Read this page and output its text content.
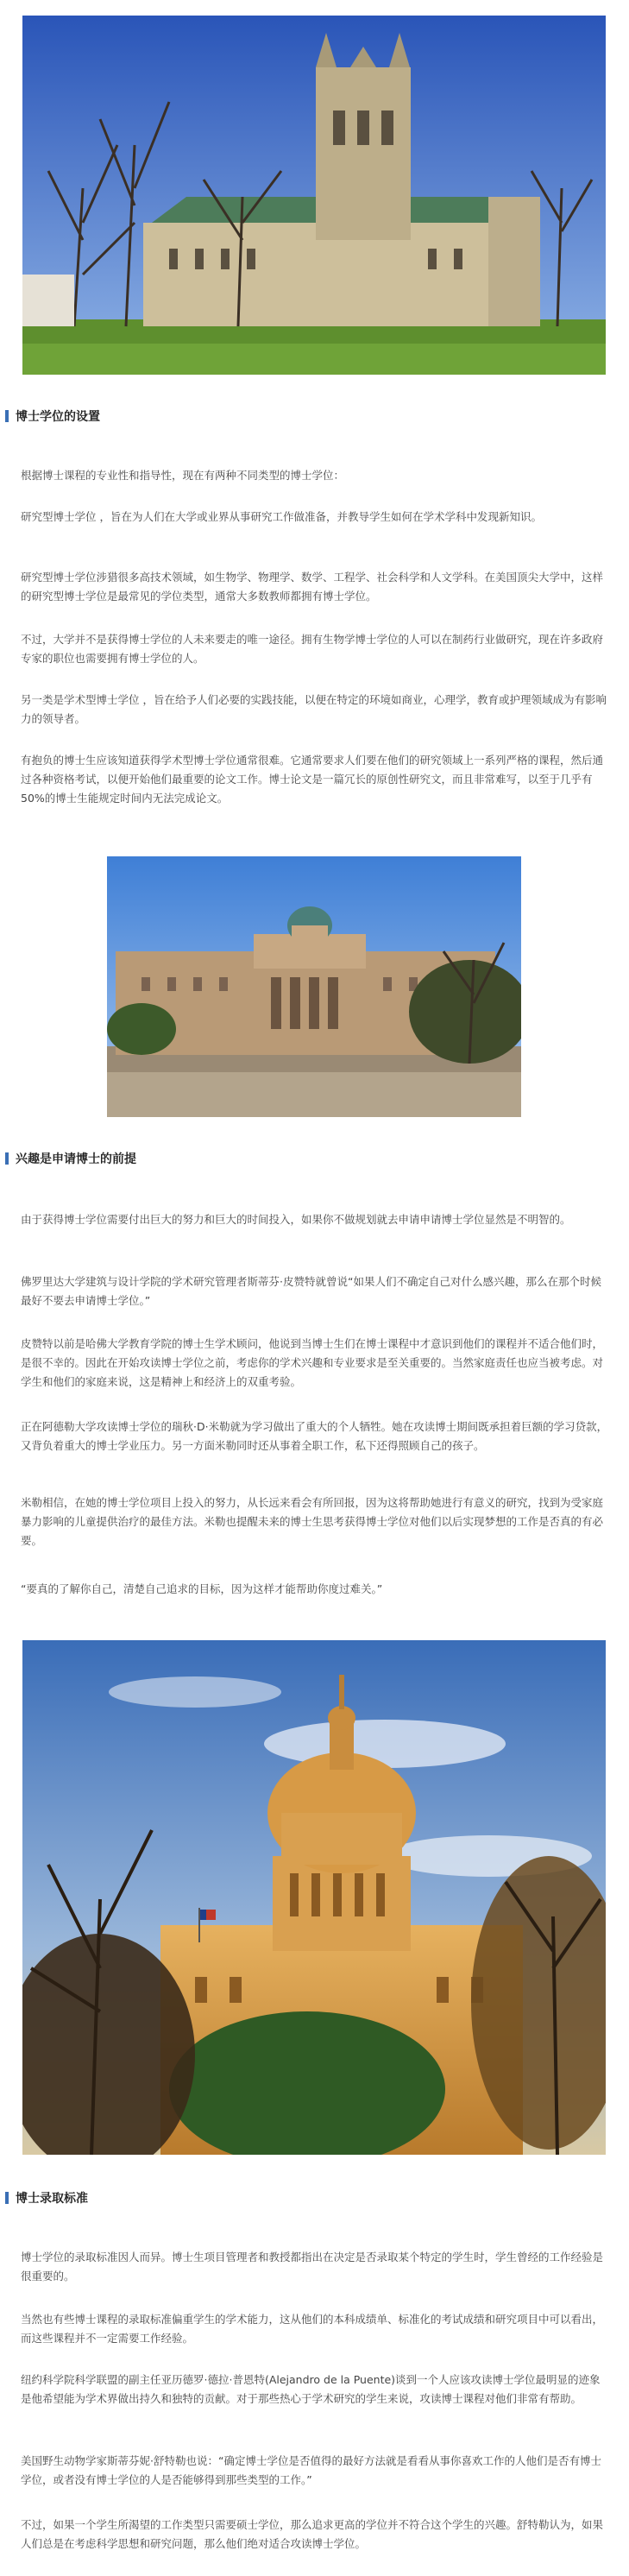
博士学位的设置

根据博士课程的专业性和指导性，现在有两种不同类型的博士学位：

研究型博士学位 ，旨在为人们在大学或业界从事研究工作做准备，并教导学生如何在学术学科中发现新知识。

研究型博士学位涉猎很多高技术领域，如生物学、物理学、数学、工程学、社会科学和人文学科。在美国顶尖大学中，这样的研究型博士学位是最常见的学位类型，通常大多数教师都拥有博士学位。

不过，大学并不是获得博士学位的人未来要走的唯一途径。拥有生物学博士学位的人可以在制药行业做研究，现在许多政府专家的职位也需要拥有博士学位的人。

另一类是学术型博士学位 ，旨在给予人们必要的实践技能，以便在特定的环境如商业，心理学，教育或护理领域成为有影响力的领导者。

有抱负的博士生应该知道获得学术型博士学位通常很难。它通常要求人们要在他们的研究领域上一系列严格的课程，然后通过各种资格考试，以便开始他们最重要的论文工作。博士论文是一篇冗长的原创性研究文，而且非常难写，以至于几乎有50%的博士生能规定时间内无法完成论文。

兴趣是申请博士的前提

由于获得博士学位需要付出巨大的努力和巨大的时间投入，如果你不做规划就去申请申请博士学位显然是不明智的。

佛罗里达大学建筑与设计学院的学术研究管理者斯蒂芬·皮赞特就曾说“如果人们不确定自己对什么感兴趣，那么在那个时候最好不要去申请博士学位。”

皮赞特以前是哈佛大学教育学院的博士生学术顾问，他说到当博士生们在博士课程中才意识到他们的课程并不适合他们时，是很不幸的。因此在开始攻读博士学位之前，考虑你的学术兴趣和专业要求是至关重要的。当然家庭责任也应当被考虑。对学生和他们的家庭来说，这是精神上和经济上的双重考验。

正在阿德勒大学攻读博士学位的瑞秋·D·米勒就为学习做出了重大的个人牺牲。她在攻读博士期间既承担着巨额的学习贷款，又背负着重大的博士学业压力。另一方面米勒同时还从事着全职工作，私下还得照顾自己的孩子。

米勒相信，在她的博士学位项目上投入的努力，从长远来看会有所回报，因为这将帮助她进行有意义的研究，找到为受家庭暴力影响的儿童提供治疗的最佳方法。米勒也提醒未来的博士生思考获得博士学位对他们以后实现梦想的工作是否真的有必要。

“要真的了解你自己，清楚自己追求的目标，因为这样才能帮助你度过难关。”

博士录取标准

博士学位的录取标准因人而异。博士生项目管理者和教授都指出在决定是否录取某个特定的学生时，学生曾经的工作经验是很重要的。

当然也有些博士课程的录取标准偏重学生的学术能力，这从他们的本科成绩单、标准化的考试成绩和研究项目中可以看出，而这些课程并不一定需要工作经验。

纽约科学院科学联盟的副主任亚历德罗·德拉·普恩特(Alejandro de la Puente)谈到一个人应该攻读博士学位最明显的迹象是他希望能为学术界做出持久和独特的贡献。对于那些热心于学术研究的学生来说，攻读博士课程对他们非常有帮助。

美国野生动物学家斯蒂芬妮·舒特勒也说：“确定博士学位是否值得的最好方法就是看看从事你喜欢工作的人他们是否有博士学位，或者没有博士学位的人是否能够得到那些类型的工作。”

不过，如果一个学生所渴望的工作类型只需要硕士学位，那么追求更高的学位并不符合这个学生的兴趣。舒特勒认为，如果人们总是在考虑科学思想和研究问题，那么他们绝对适合攻读博士学位。
